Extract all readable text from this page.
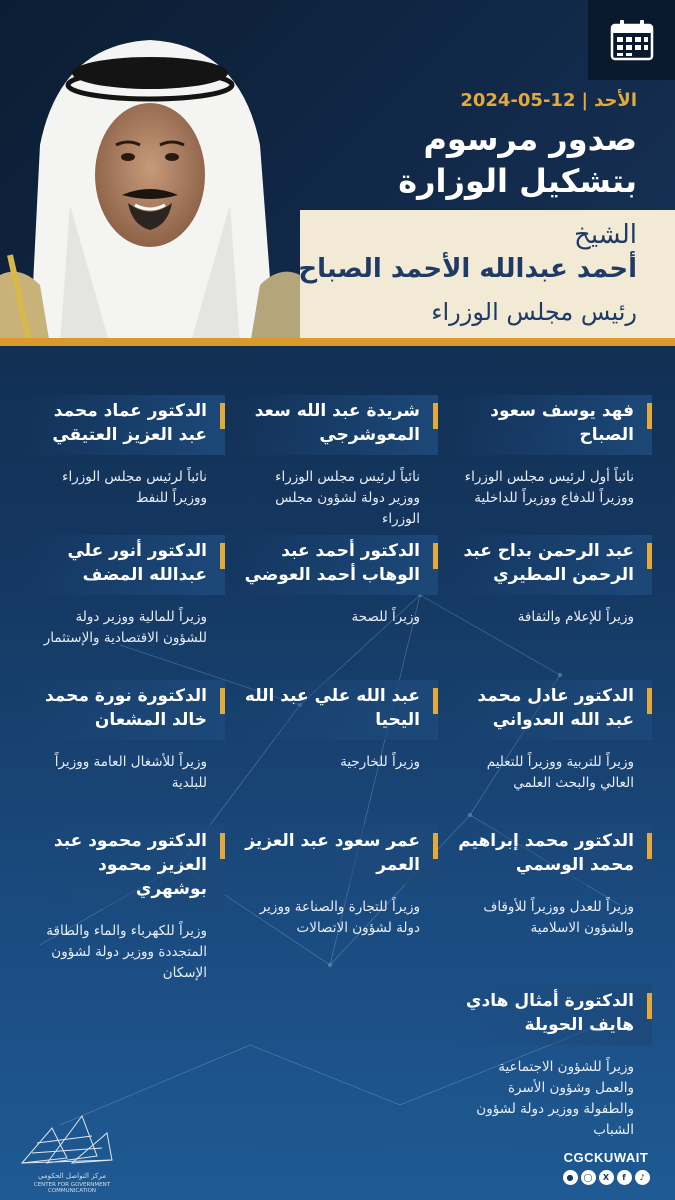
الأحد|2024-05-12
صدور مرسوم
بتشكيل الوزارة
الشيخ
أحمد عبدالله الأحمد الصباح
رئيس مجلس الوزراء
فهد يوسف سعود الصباح
نائباً أول لرئيس مجلس الوزراء ووزيراً للدفاع ووزيراً للداخلية
شريدة عبد الله سعد المعوشرجي
نائباً لرئيس مجلس الوزراء ووزير دولة لشؤون مجلس الوزراء
الدكتور عماد محمد عبد العزيز العتيقي
نائباً لرئيس مجلس الوزراء ووزيراً للنفط
عبد الرحمن بداح عبد الرحمن المطيري
وزيراً للإعلام والثقافة
الدكتور أحمد عبد الوهاب أحمد العوضي
وزيراً للصحة
الدكتور أنور علي عبدالله المضف
وزيراً للمالية ووزير دولة للشؤون الاقتصادية والإستثمار
الدكتور عادل محمد عبد الله العدواني
وزيراً للتربية ووزيراً للتعليم العالي والبحث العلمي
عبد الله علي عبد الله اليحيا
وزيراً للخارجية
الدكتورة نورة محمد خالد المشعان
وزيراً للأشغال العامة ووزيراً للبلدية
الدكتور محمد إبراهيم محمد الوسمي
وزيراً للعدل ووزيراً للأوقاف والشؤون الاسلامية
عمر سعود عبد العزيز العمر
وزيراً للتجارة والصناعة ووزير دولة لشؤون الاتصالات
الدكتور محمود عبد العزيز محمود بوشهري
وزيراً للكهرباء والماء والطاقة المتجددة ووزير دولة لشؤون الإسكان
الدكتورة أمثال هادي هايف الحويلة
وزيراً للشؤون الاجتماعية والعمل وشؤون الأسرة والطفولة ووزير دولة لشؤون الشباب
مركز التواصل الحكومي
CENTER FOR GOVERNMENT COMMUNICATION
CGCKUWAIT
●	◯	X	f	♪
